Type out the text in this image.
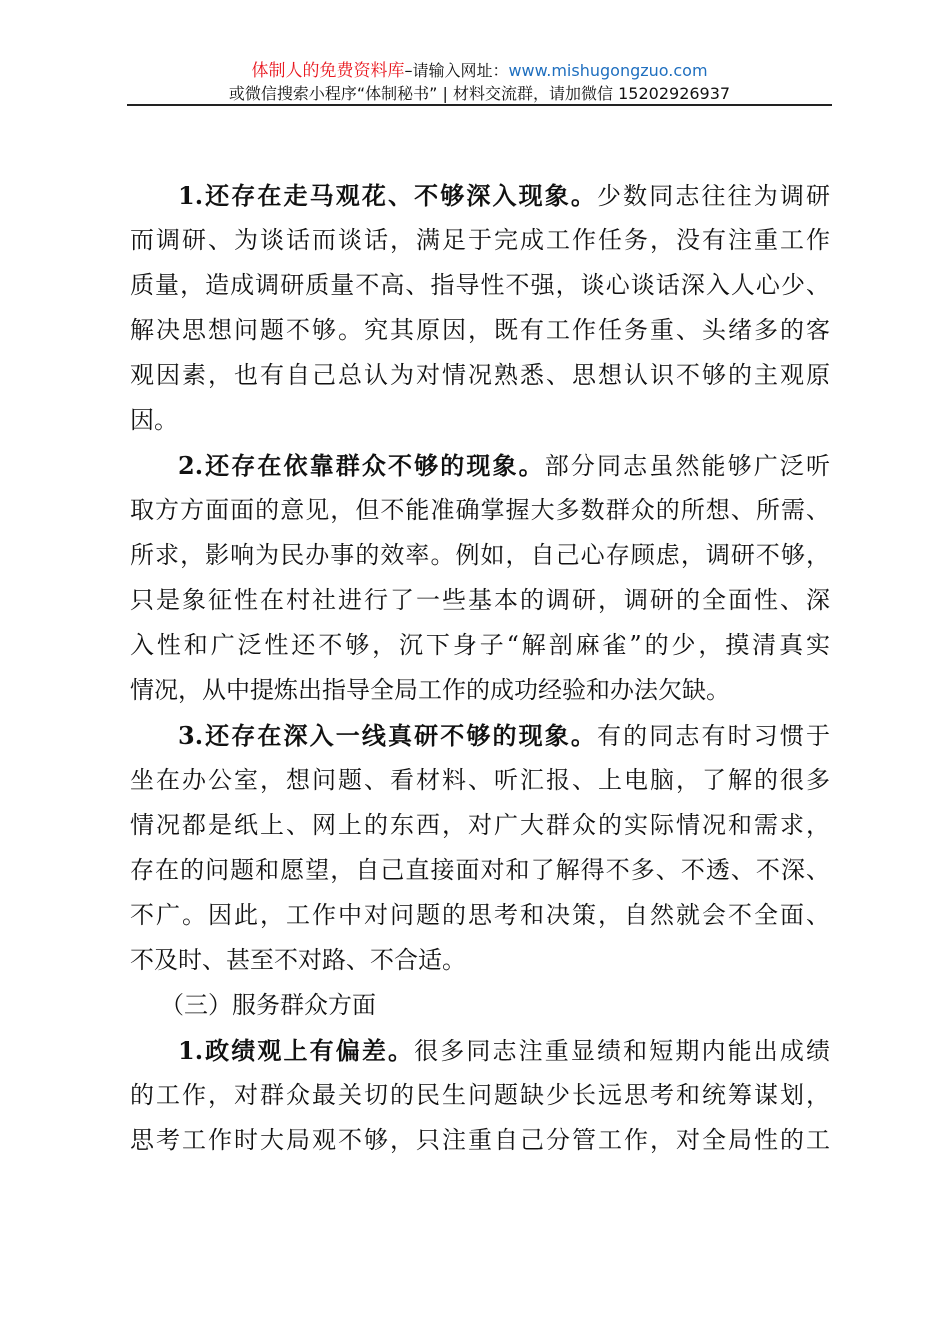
体制人的免费资料库–请输入网址：www.mishugongzuo.com
或微信搜索小程序“体制秘书” | 材料交流群，请加微信 15202926937
1.还存在走马观花、不够深入现象。少数同志往往为调研
而调研、为谈话而谈话，满足于完成工作任务，没有注重工作
质量，造成调研质量不高、指导性不强，谈心谈话深入人心少、
解决思想问题不够。究其原因，既有工作任务重、头绪多的客
观因素，也有自己总认为对情况熟悉、思想认识不够的主观原
因。
2.还存在依靠群众不够的现象。部分同志虽然能够广泛听
取方方面面的意见，但不能准确掌握大多数群众的所想、所需、
所求，影响为民办事的效率。例如，自己心存顾虑，调研不够，
只是象征性在村社进行了一些基本的调研，调研的全面性、深
入性和广泛性还不够，沉下身子“解剖麻雀”的少，摸清真实
情况，从中提炼出指导全局工作的成功经验和办法欠缺。
3.还存在深入一线真研不够的现象。有的同志有时习惯于
坐在办公室，想问题、看材料、听汇报、上电脑，了解的很多
情况都是纸上、网上的东西，对广大群众的实际情况和需求，
存在的问题和愿望，自己直接面对和了解得不多、不透、不深、
不广。因此，工作中对问题的思考和决策，自然就会不全面、
不及时、甚至不对路、不合适。
（三）服务群众方面
1.政绩观上有偏差。很多同志注重显绩和短期内能出成绩
的工作，对群众最关切的民生问题缺少长远思考和统筹谋划，
思考工作时大局观不够，只注重自己分管工作，对全局性的工
